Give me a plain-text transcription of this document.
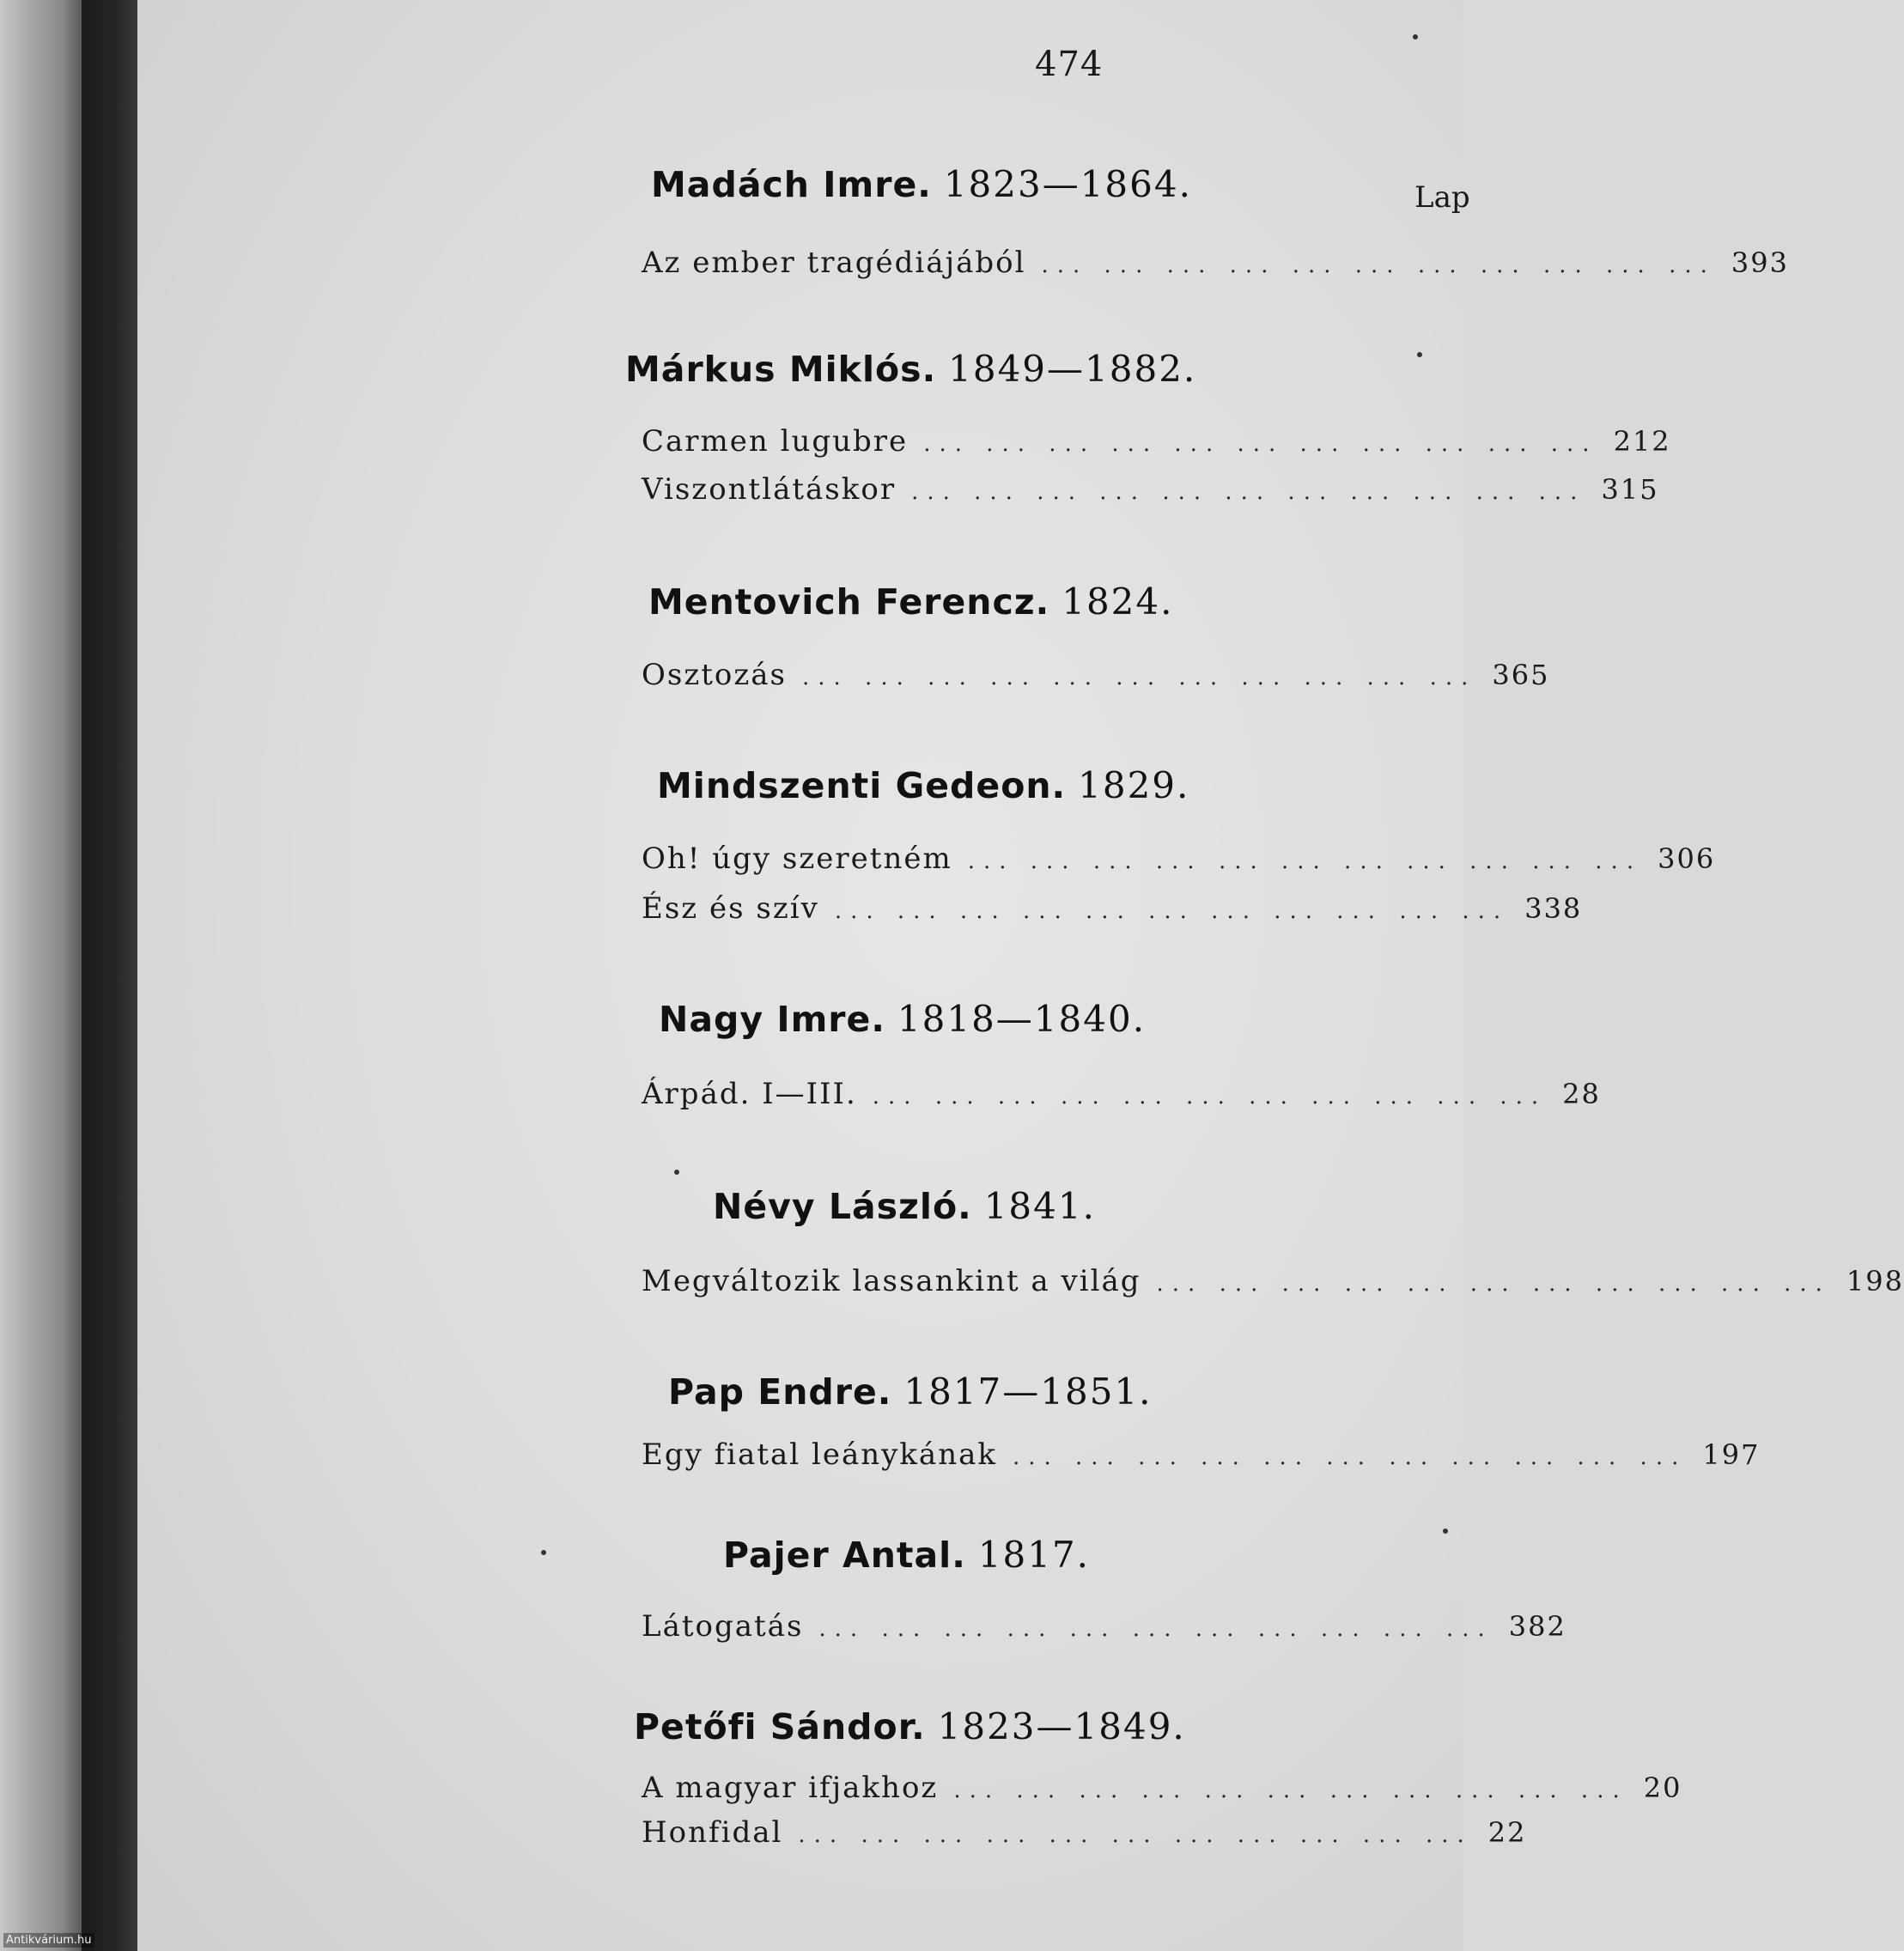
Antikvárium.hu
474
Lap
Madách Imre. 1823—1864.
Az ember tragédiájából ... ... ... ... ... ... ... ... ... ... ... 393
Márkus Miklós. 1849—1882.
Carmen lugubre ... ... ... ... ... ... ... ... ... ... ... 212
Viszontlátáskor ... ... ... ... ... ... ... ... ... ... ... 315
Mentovich Ferencz. 1824.
Osztozás ... ... ... ... ... ... ... ... ... ... ... 365
Mindszenti Gedeon. 1829.
Oh! úgy szeretném ... ... ... ... ... ... ... ... ... ... ... 306
Ész és szív ... ... ... ... ... ... ... ... ... ... ... 338
Nagy Imre. 1818—1840.
Árpád. I—III. ... ... ... ... ... ... ... ... ... ... ... 28
Névy László. 1841.
Megváltozik lassankint a világ ... ... ... ... ... ... ... ... ... ... ... 198
Pap Endre. 1817—1851.
Egy fiatal leánykának ... ... ... ... ... ... ... ... ... ... ... 197
Pajer Antal. 1817.
Látogatás ... ... ... ... ... ... ... ... ... ... ... 382
Petőfi Sándor. 1823—1849.
A magyar ifjakhoz ... ... ... ... ... ... ... ... ... ... ... 20
Honfidal ... ... ... ... ... ... ... ... ... ... ... 22
